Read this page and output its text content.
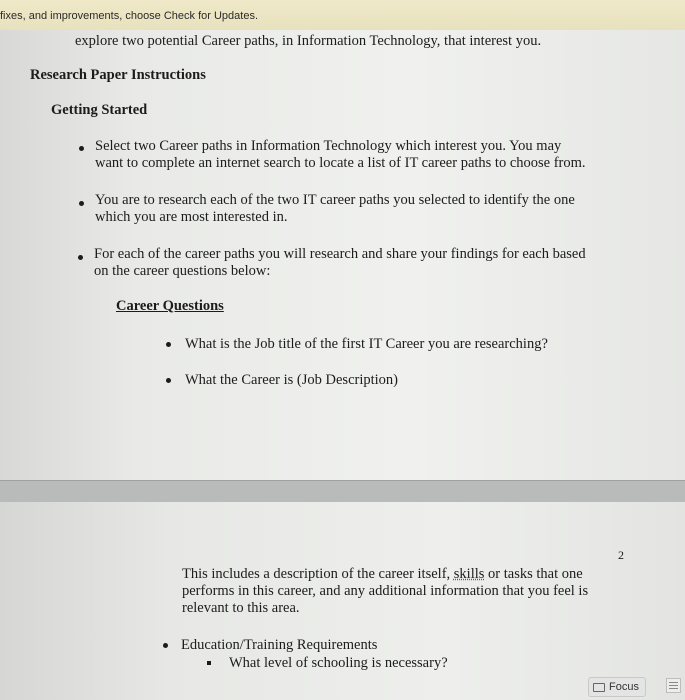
fixes, and improvements, choose Check for Updates.
explore two potential Career paths, in Information Technology, that interest you.
Research Paper Instructions
Getting Started
Select two Career paths in Information Technology which interest you. You may
want to complete an internet search to locate a list of IT career paths to choose from.
You are to research each of the two IT career paths you selected to identify the one
which you are most interested in.
For each of the career paths you will research and share your findings for each based
on the career questions below:
Career Questions
What is the Job title of the first IT Career you are researching?
What the Career is (Job Description)
2
This includes a description of the career itself, skills or tasks that one
performs in this career, and any additional information that you feel is
relevant to this area.
Education/Training Requirements
What level of schooling is necessary?
Focus
